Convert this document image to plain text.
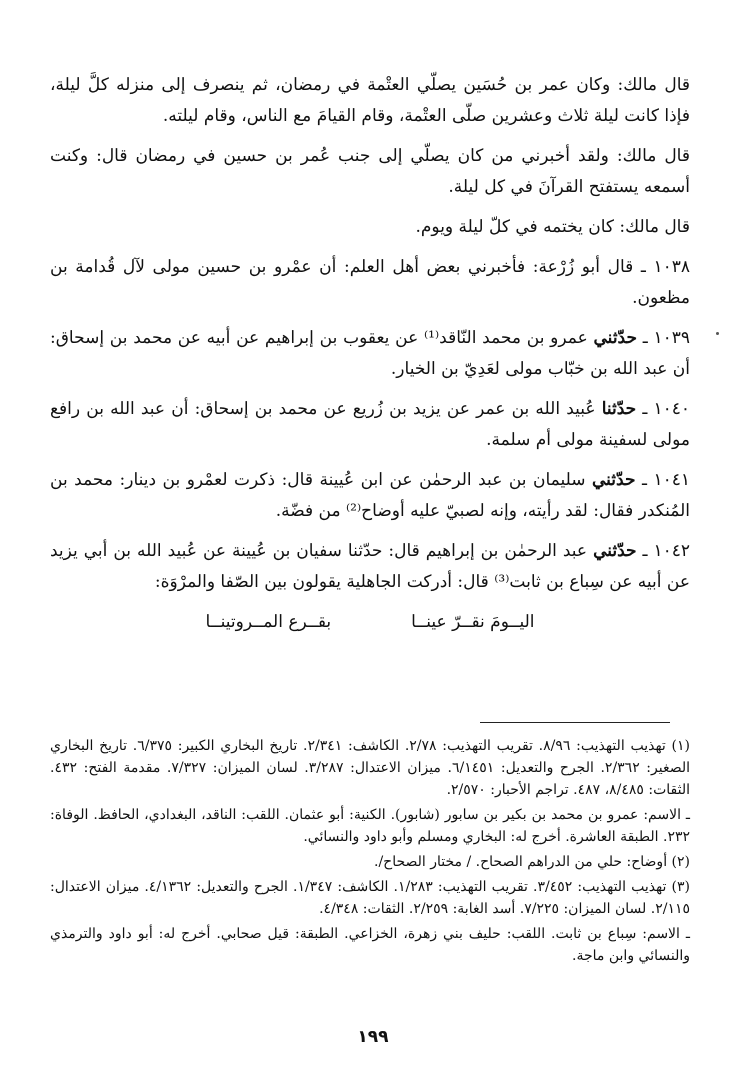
قال مالك: وكان عمر بن حُسَين يصلّي العتْمة في رمضان، ثم ينصرف إلى منزله كلَّ ليلة، فإذا كانت ليلة ثلاث وعشرين صلّى العتْمة، وقام القيامَ مع الناس، وقام ليلته.

قال مالك: ولقد أخبرني من كان يصلّي إلى جنب عُمر بن حسين في رمضان قال: وكنت أسمعه يستفتح القرآنَ في كل ليلة.

قال مالك: كان يختمه في كلّ ليلة ويوم.

١٠٣٨ ـ قال أبو زُرْعة: فأخبرني بعض أهل العلم: أن عمْرو بن حسين مولى لآل قُدامة بن مظعون.

١٠٣٩ ـ حدّثني عمرو بن محمد النّاقد⁽¹⁾ عن يعقوب بن إبراهيم عن أبيه عن محمد بن إسحاق: أن عبد الله بن خبّاب مولى لعَدِيّ بن الخيار.

١٠٤٠ ـ حدّثنا عُبيد الله بن عمر عن يزيد بن زُريع عن محمد بن إسحاق: أن عبد الله بن رافع مولى لسفينة مولى أم سلمة.

١٠٤١ ـ حدّثني سليمان بن عبد الرحمٰن عن ابن عُيينة قال: ذكرت لعمْرو بن دينار: محمد بن المُنكدر فقال: لقد رأيته، وإنه لصبيّ عليه أوضاح⁽²⁾ من فضّة.

١٠٤٢ ـ حدّثني عبد الرحمٰن بن إبراهيم قال: حدّثنا سفيان بن عُيينة عن عُبيد الله بن أبي يزيد عن أبيه عن سِباع بن ثابت⁽³⁾ قال: أدركت الجاهلية يقولون بين الصّفا والمرْوَة:

اليــومَ نقــرّ عينــا
بقــرع المــروتينــا

(١) تهذيب التهذيب: ٨/٩٦. تقريب التهذيب: ٢/٧٨. الكاشف: ٢/٣٤١. تاريخ البخاري الكبير: ٦/٣٧٥. تاريخ البخاري الصغير: ٢/٣٦٢. الجرح والتعديل: ٦/١٤٥١. ميزان الاعتدال: ٣/٢٨٧. لسان الميزان: ٧/٣٢٧. مقدمة الفتح: ٤٣٢. الثقات: ٨/٤٨٥، ٤٨٧. تراجم الأحبار: ٢/٥٧٠.

ـ الاسم: عمرو بن محمد بن بكير بن سابور (شابور). الكنية: أبو عثمان. اللقب: الناقد، البغدادي، الحافظ. الوفاة: ٢٣٢. الطبقة العاشرة. أخرج له: البخاري ومسلم وأبو داود والنسائي.

(٢) أوضاح: حلي من الدراهم الصحاح. / مختار الصحاح/.

(٣) تهذيب التهذيب: ٣/٤٥٢. تقريب التهذيب: ١/٢٨٣. الكاشف: ١/٣٤٧. الجرح والتعديل: ٤/١٣٦٢. ميزان الاعتدال: ٢/١١٥. لسان الميزان: ٧/٢٢٥. أسد الغابة: ٢/٢٥٩. الثقات: ٤/٣٤٨.

ـ الاسم: سِباع بن ثابت. اللقب: حليف بني زهرة، الخزاعي. الطبقة: قيل صحابي. أخرج له: أبو داود والترمذي والنسائي وابن ماجة.

١٩٩
